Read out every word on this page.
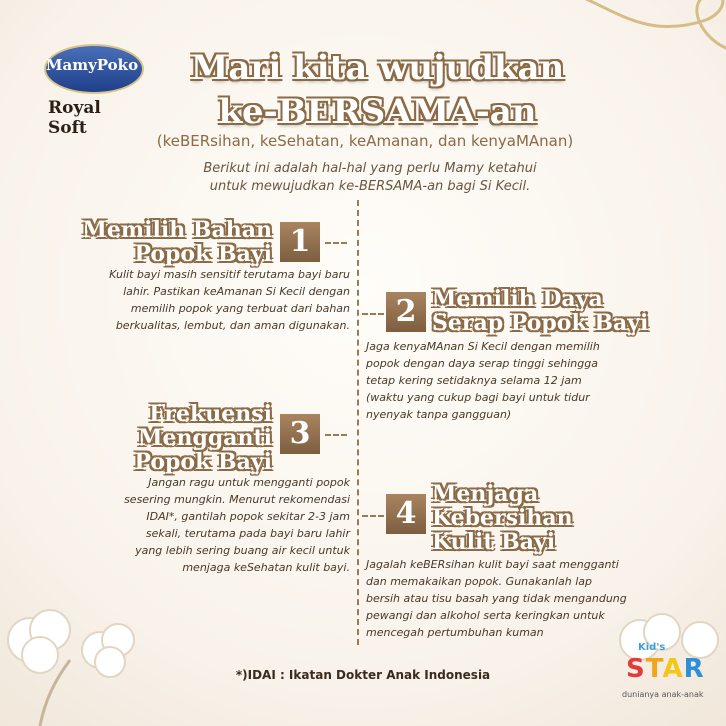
MamyPoko
Royal Soft
Mari kita wujudkan
ke-BERSAMA-an
(keBERsihan, keSehatan, keAmanan, dan kenyaMAnan)
Berikut ini adalah hal-hal yang perlu Mamy ketahui
untuk mewujudkan ke-BERSAMA-an bagi Si Kecil.
Memilih Bahan
Popok Bayi 1
Kulit bayi masih sensitif terutama bayi baru
lahir. Pastikan keAmanan Si Kecil dengan
memilih popok yang terbuat dari bahan
berkualitas, lembut, dan aman digunakan.	2 Memilih Daya
Serap Popok Bayi
Jaga kenyaMAnan Si Kecil dengan memilih
popok dengan daya serap tinggi sehingga
tetap kering setidaknya selama 12 jam
(waktu yang cukup bagi bayi untuk tidur
nyenyak tanpa gangguan)
Frekuensi
Mengganti
Popok Bayi
3
Jangan ragu untuk mengganti popok
sesering mungkin. Menurut rekomendasi
IDAI*, gantilah popok sekitar 2-3 jam
sekali, terutama pada bayi baru lahir
yang lebih sering buang air kecil untuk
menjaga keSehatan kulit bayi.
4
Menjaga
Kebersihan
Kulit Bayi
Jagalah keBERsihan kulit bayi saat mengganti
dan memakaikan popok. Gunakanlah lap
bersih atau tisu basah yang tidak mengandung
pewangi dan alkohol serta keringkan untuk
mencegah pertumbuhan kuman
*)IDAI : Ikatan Dokter Anak Indonesia
Kid's
STAR
dunianya anak-anak
